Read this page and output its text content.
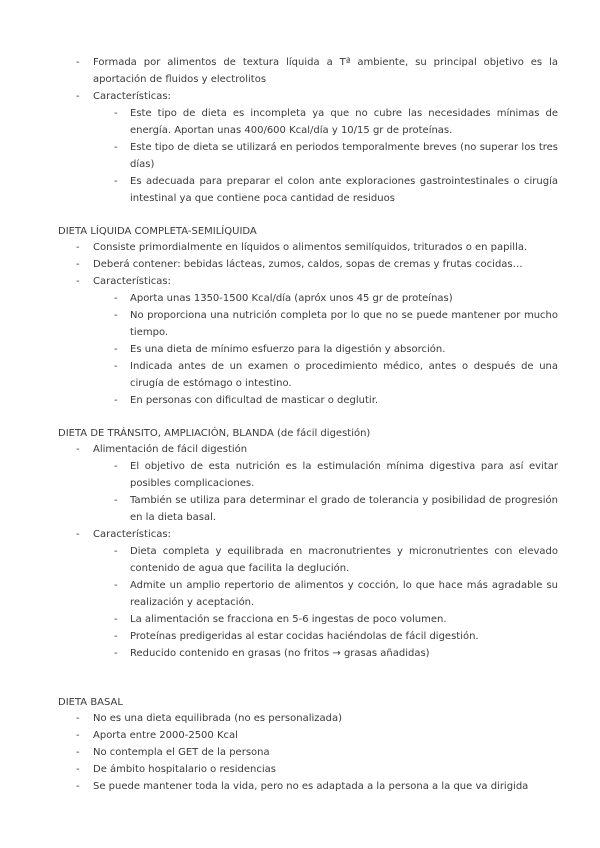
- Formada por alimentos de textura líquida a Tª ambiente, su principal objetivo es la aportación de fluidos y electrolitos
- Características:
- Este tipo de dieta es incompleta ya que no cubre las necesidades mínimas de energía. Aportan unas 400/600 Kcal/día y 10/15 gr de proteínas.
- Este tipo de dieta se utilizará en periodos temporalmente breves (no superar los tres días)
- Es adecuada para preparar el colon ante exploraciones gastrointestinales o cirugía intestinal ya que contiene poca cantidad de residuos
DIETA LÍQUIDA COMPLETA-SEMILÍQUIDA
- Consiste primordialmente en líquidos o alimentos semilíquidos, triturados o en papilla.
- Deberá contener: bebidas lácteas, zumos, caldos, sopas de cremas y frutas cocidas…
- Características:
- Aporta unas 1350-1500 Kcal/día (apróx unos 45 gr de proteínas)
- No proporciona una nutrición completa por lo que no se puede mantener por mucho tiempo.
- Es una dieta de mínimo esfuerzo para la digestión y absorción.
- Indicada antes de un examen o procedimiento médico, antes o después de una cirugía de estómago o intestino.
- En personas con dificultad de masticar o deglutir.
DIETA DE TRÁNSITO, AMPLIACIÓN, BLANDA (de fácil digestión)
- Alimentación de fácil digestión
- El objetivo de esta nutrición es la estimulación mínima digestiva para así evitar posibles complicaciones.
- También se utiliza para determinar el grado de tolerancia y posibilidad de progresión en la dieta basal.
- Características:
- Dieta completa y equilibrada en macronutrientes y micronutrientes con elevado contenido de agua que facilita la deglución.
- Admite un amplio repertorio de alimentos y cocción, lo que hace más agradable su realización y aceptación.
- La alimentación se fracciona en 5-6 ingestas de poco volumen.
- Proteínas predigeridas al estar cocidas haciéndolas de fácil digestión.
- Reducido contenido en grasas (no fritos → grasas añadidas)
DIETA BASAL
- No es una dieta equilibrada (no es personalizada)
- Aporta entre 2000-2500 Kcal
- No contempla el GET de la persona
- De ámbito hospitalario o residencias
- Se puede mantener toda la vida, pero no es adaptada a la persona a la que va dirigida
